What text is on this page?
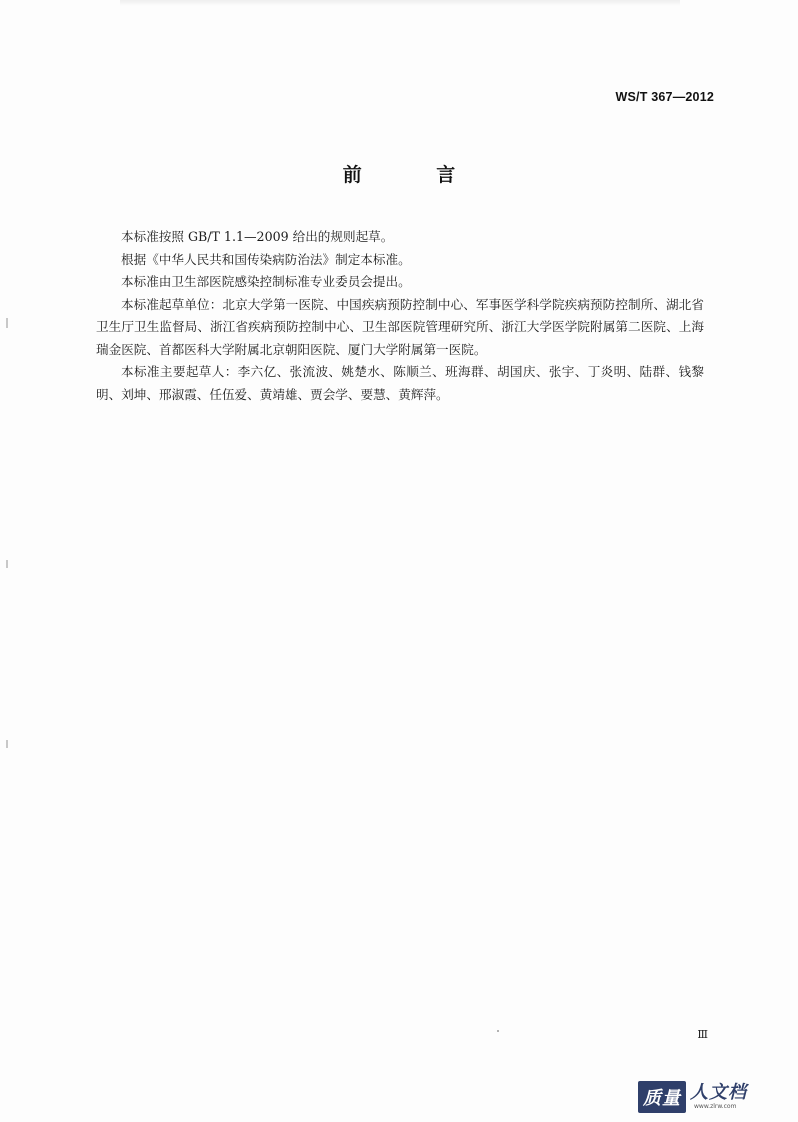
WS/T 367—2012
前 言

本标准按照 GB/T 1.1—2009 给出的规则起草。

根据《中华人民共和国传染病防治法》制定本标准。

本标准由卫生部医院感染控制标准专业委员会提出。

本标准起草单位：北京大学第一医院、中国疾病预防控制中心、军事医学科学院疾病预防控制所、湖北省卫生厅卫生监督局、浙江省疾病预防控制中心、卫生部医院管理研究所、浙江大学医学院附属第二医院、上海瑞金医院、首都医科大学附属北京朝阳医院、厦门大学附属第一医院。

本标准主要起草人：李六亿、张流波、姚楚水、陈顺兰、班海群、胡国庆、张宇、丁炎明、陆群、钱黎明、刘坤、邢淑霞、任伍爱、黄靖雄、贾会学、要慧、黄辉萍。

Ⅲ
质量 人文档
www.zlrw.com
